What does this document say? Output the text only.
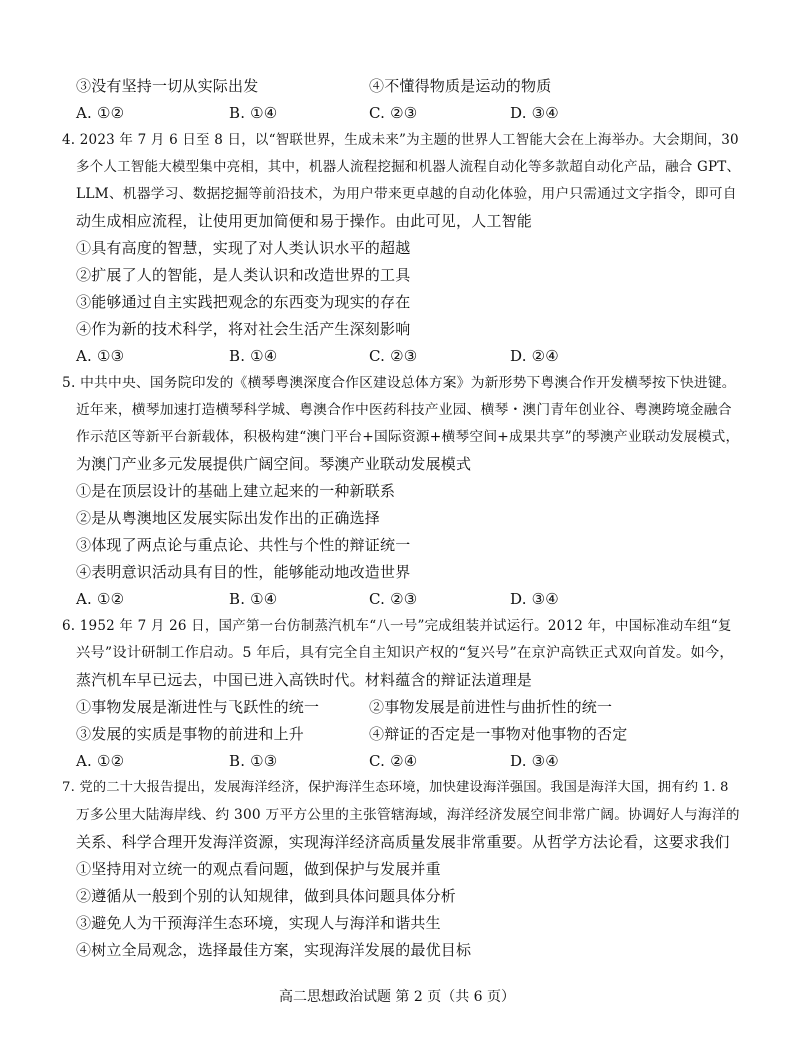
③没有坚持一切从实际出发	④不懂得物质是运动的物质
A. ①②	B. ①④	C. ②③	D. ③④
4. 2023 年 7 月 6 日至 8 日，以“智联世界，生成未来”为主题的世界人工智能大会在上海举办。大会期间，30
多个人工智能大模型集中亮相，其中，机器人流程挖掘和机器人流程自动化等多款超自动化产品，融合 GPT、
LLM、机器学习、数据挖掘等前沿技术，为用户带来更卓越的自动化体验，用户只需通过文字指令，即可自
动生成相应流程，让使用更加简便和易于操作。由此可见，人工智能
①具有高度的智慧，实现了对人类认识水平的超越
②扩展了人的智能，是人类认识和改造世界的工具
③能够通过自主实践把观念的东西变为现实的存在
④作为新的技术科学，将对社会生活产生深刻影响
A. ①③	B. ①④	C. ②③	D. ②④
5. 中共中央、国务院印发的《横琴粤澳深度合作区建设总体方案》为新形势下粤澳合作开发横琴按下快进键。
近年来，横琴加速打造横琴科学城、粤澳合作中医药科技产业园、横琴・澳门青年创业谷、粤澳跨境金融合
作示范区等新平台新载体，积极构建“澳门平台+国际资源+横琴空间+成果共享”的琴澳产业联动发展模式，
为澳门产业多元发展提供广阔空间。琴澳产业联动发展模式
①是在顶层设计的基础上建立起来的一种新联系
②是从粤澳地区发展实际出发作出的正确选择
③体现了两点论与重点论、共性与个性的辩证统一
④表明意识活动具有目的性，能够能动地改造世界
A. ①②	B. ①④	C. ②③	D. ③④
6. 1952 年 7 月 26 日，国产第一台仿制蒸汽机车“八一号”完成组装并试运行。2012 年，中国标准动车组“复
兴号”设计研制工作启动。5 年后，具有完全自主知识产权的“复兴号”在京沪高铁正式双向首发。如今，
蒸汽机车早已远去，中国已进入高铁时代。材料蕴含的辩证法道理是
①事物发展是渐进性与飞跃性的统一	②事物发展是前进性与曲折性的统一
③发展的实质是事物的前进和上升	④辩证的否定是一事物对他事物的否定
A. ①②	B. ①③	C. ②④	D. ③④
7. 党的二十大报告提出，发展海洋经济，保护海洋生态环境，加快建设海洋强国。我国是海洋大国，拥有约 1. 8
万多公里大陆海岸线、约 300 万平方公里的主张管辖海域，海洋经济发展空间非常广阔。协调好人与海洋的
关系、科学合理开发海洋资源，实现海洋经济高质量发展非常重要。从哲学方法论看，这要求我们
①坚持用对立统一的观点看问题，做到保护与发展并重
②遵循从一般到个别的认知规律，做到具体问题具体分析
③避免人为干预海洋生态环境，实现人与海洋和谐共生
④树立全局观念，选择最佳方案，实现海洋发展的最优目标
高二思想政治试题 第 2 页（共 6 页）
